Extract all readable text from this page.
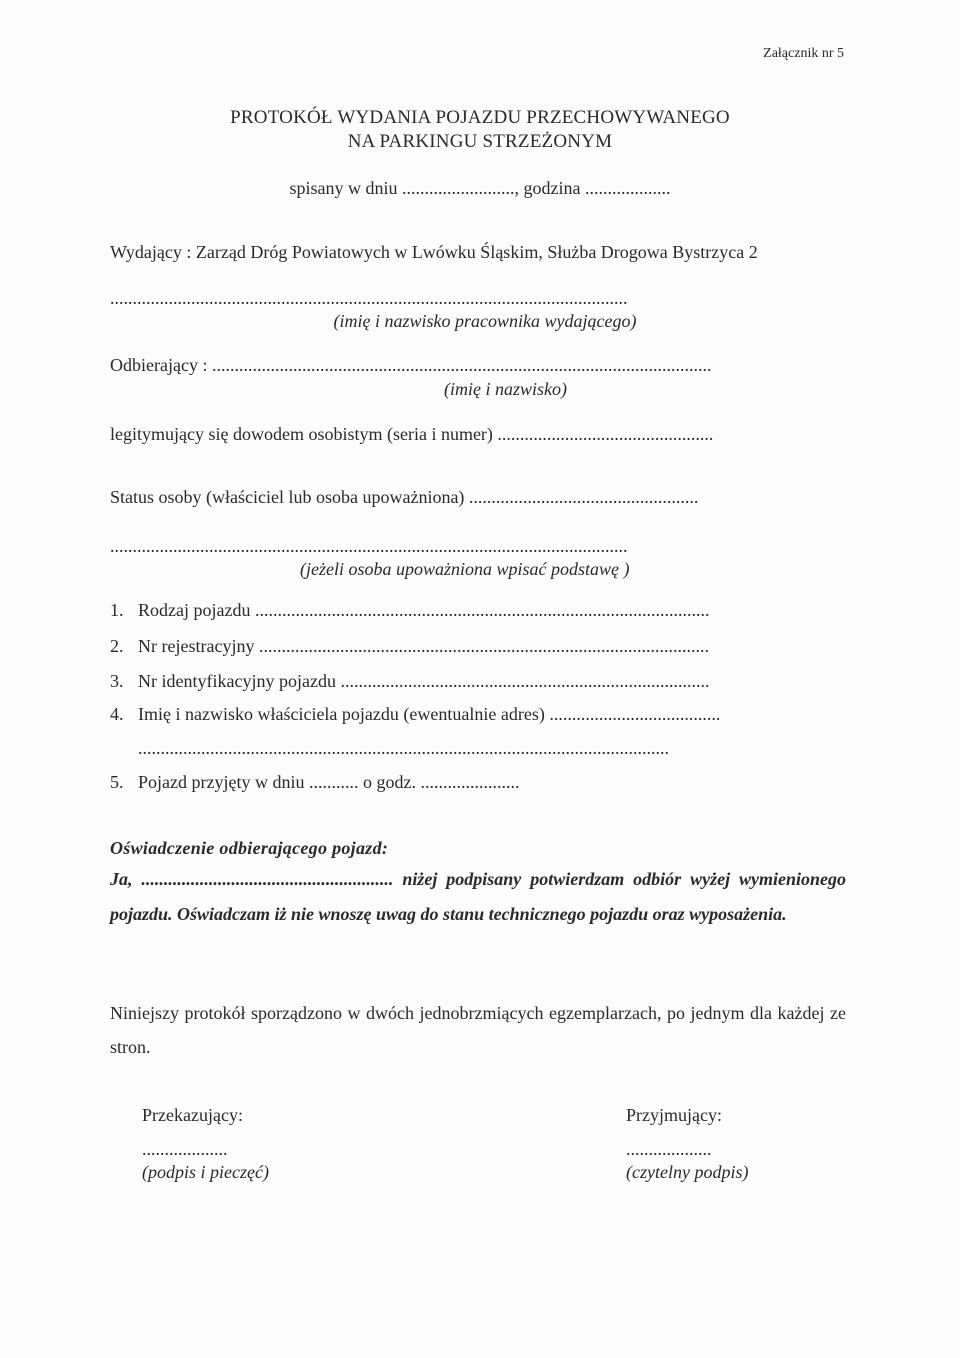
Załącznik nr 5
PROTOKÓŁ WYDANIA POJAZDU PRZECHOWYWANEGO
NA PARKINGU STRZEŻONYM
spisany w dniu ........................., godzina ...................
Wydający : Zarząd Dróg Powiatowych w Lwówku Śląskim, Służba Drogowa Bystrzyca 2
...................................................................................................................
(imię i nazwisko pracownika wydającego)
Odbierający : ...............................................................................................................
(imię i nazwisko)
legitymujący się dowodem osobistym (seria i numer) ................................................
Status osoby (właściciel lub osoba upoważniona) ...................................................
...................................................................................................................
(jeżeli osoba upoważniona wpisać podstawę )
1. Rodzaj pojazdu .....................................................................................................
2. Nr rejestracyjny ....................................................................................................
3. Nr identyfikacyjny pojazdu ..................................................................................
4. Imię i nazwisko właściciela pojazdu (ewentualnie adres) ......................................
......................................................................................................................
5. Pojazd przyjęty w dniu ........... o godz. ......................
Oświadczenie odbierającego pojazd:
Ja, ........................................................ niżej podpisany potwierdzam odbiór wyżej wymienionego pojazdu. Oświadczam iż nie wnoszę uwag do stanu technicznego pojazdu oraz wyposażenia.
Niniejszy protokół sporządzono w dwóch jednobrzmiących egzemplarzach, po jednym dla każdej ze stron.
Przekazujący:
...................
(podpis i pieczęć)
Przyjmujący:
...................
(czytelny podpis)
